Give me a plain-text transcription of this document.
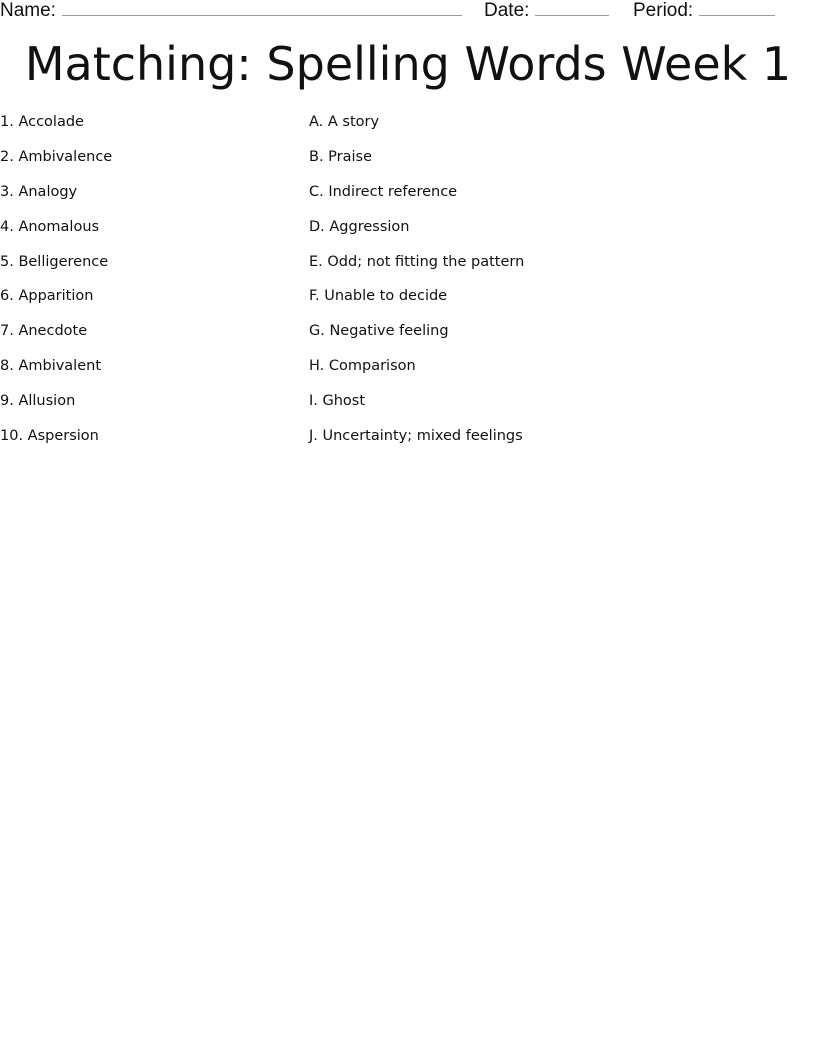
Name:	Date:	Period:
Matching: Spelling Words Week 1
1. Accolade
2. Ambivalence
3. Analogy
4. Anomalous
5. Belligerence
6. Apparition
7. Anecdote
8. Ambivalent
9. Allusion
10. Aspersion
A. A story
B. Praise
C. Indirect reference
D. Aggression
E. Odd; not fitting the pattern
F. Unable to decide
G. Negative feeling
H. Comparison
I. Ghost
J. Uncertainty; mixed feelings
